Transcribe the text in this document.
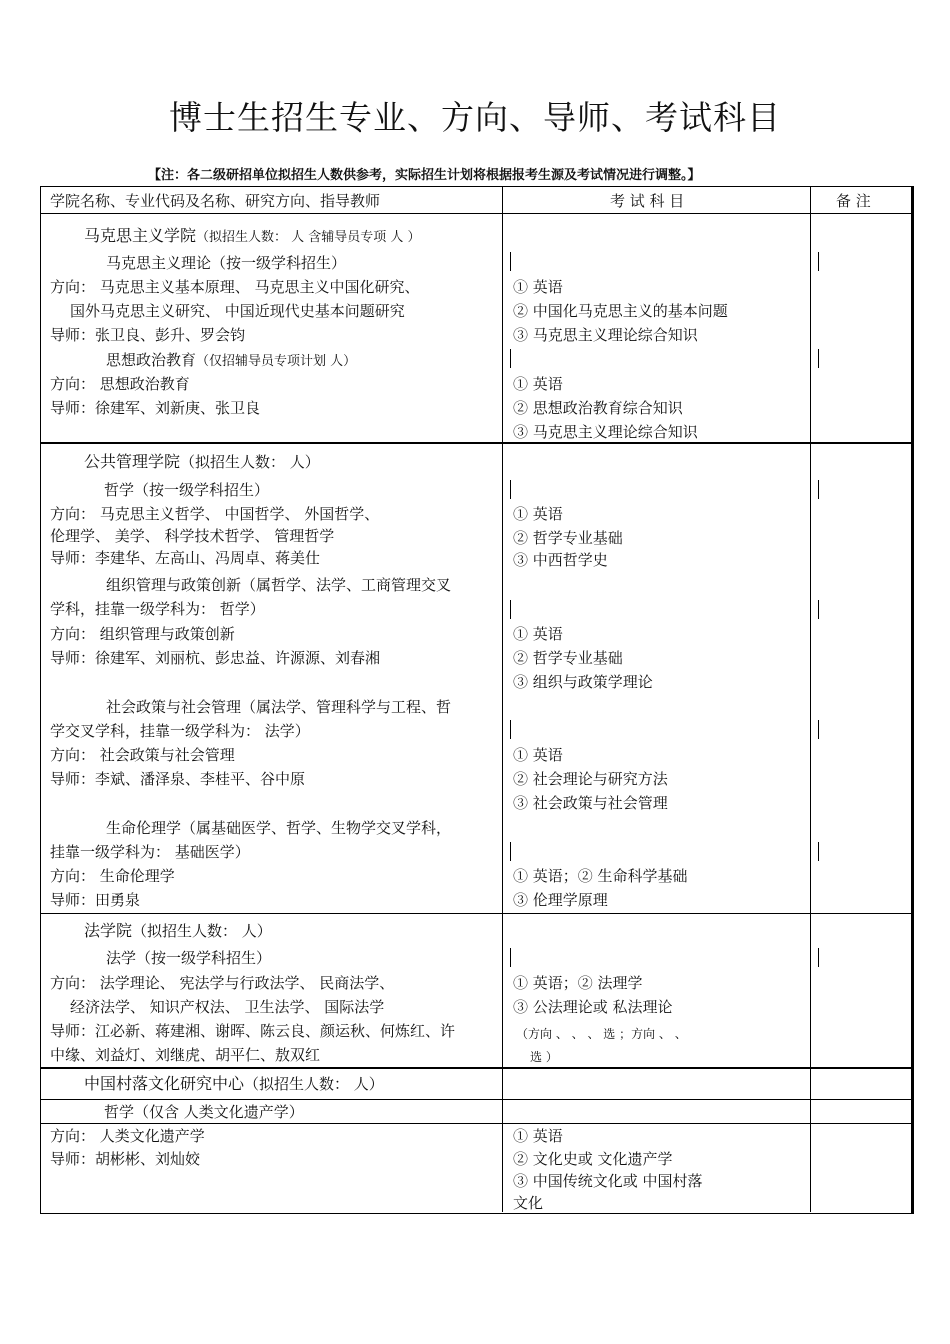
博士生招生专业、方向、导师、考试科目
【注：各二级研招单位拟招生人数供参考，实际招生计划将根据报考生源及考试情况进行调整。】
学院名称、专业代码及名称、研究方向、指导教师	考 试 科 目	备 注
马克思主义学院（拟招生人数： 人 含辅导员专项 人 ）
马克思主义理论（按一级学科招生）
方向： 马克思主义基本原理、 马克思主义中国化研究、
国外马克思主义研究、 中国近现代史基本问题研究
导师：张卫良、彭升、罗会钧
① 英语
② 中国化马克思主义的基本问题
③ 马克思主义理论综合知识
思想政治教育（仅招辅导员专项计划 人）
方向： 思想政治教育
导师：徐建军、刘新庚、张卫良
① 英语
② 思想政治教育综合知识
③ 马克思主义理论综合知识
公共管理学院（拟招生人数： 人）
哲学（按一级学科招生）
方向： 马克思主义哲学、 中国哲学、 外国哲学、
伦理学、 美学、 科学技术哲学、 管理哲学
导师：李建华、左高山、冯周卓、蒋美仕
① 英语
② 哲学专业基础
③ 中西哲学史
组织管理与政策创新（属哲学、法学、工商管理交叉
学科，挂靠一级学科为： 哲学）
方向： 组织管理与政策创新
导师：徐建军、刘丽杭、彭忠益、许源源、刘春湘
① 英语
② 哲学专业基础
③ 组织与政策学理论
社会政策与社会管理（属法学、管理科学与工程、哲
学交叉学科，挂靠一级学科为： 法学）
方向： 社会政策与社会管理
导师：李斌、潘泽泉、李桂平、谷中原
① 英语
② 社会理论与研究方法
③ 社会政策与社会管理
生命伦理学（属基础医学、哲学、生物学交叉学科，
挂靠一级学科为： 基础医学）
方向： 生命伦理学
导师：田勇泉
① 英语；② 生命科学基础
③ 伦理学原理
法学院（拟招生人数： 人）
法学（按一级学科招生）
方向： 法学理论、 宪法学与行政法学、 民商法学、
经济法学、 知识产权法、 卫生法学、 国际法学
导师：江必新、蒋建湘、谢晖、陈云良、颜运秋、何炼红、许
中缘、刘益灯、刘继虎、胡平仁、敖双红
① 英语；② 法理学
③ 公法理论或 私法理论
（方向 、 、 、 选 ；方向 、 、
选 ）
中国村落文化研究中心（拟招生人数： 人）
哲学（仅含 人类文化遗产学）
方向： 人类文化遗产学
导师：胡彬彬、刘灿姣
① 英语
② 文化史或 文化遗产学
③ 中国传统文化或 中国村落
文化
